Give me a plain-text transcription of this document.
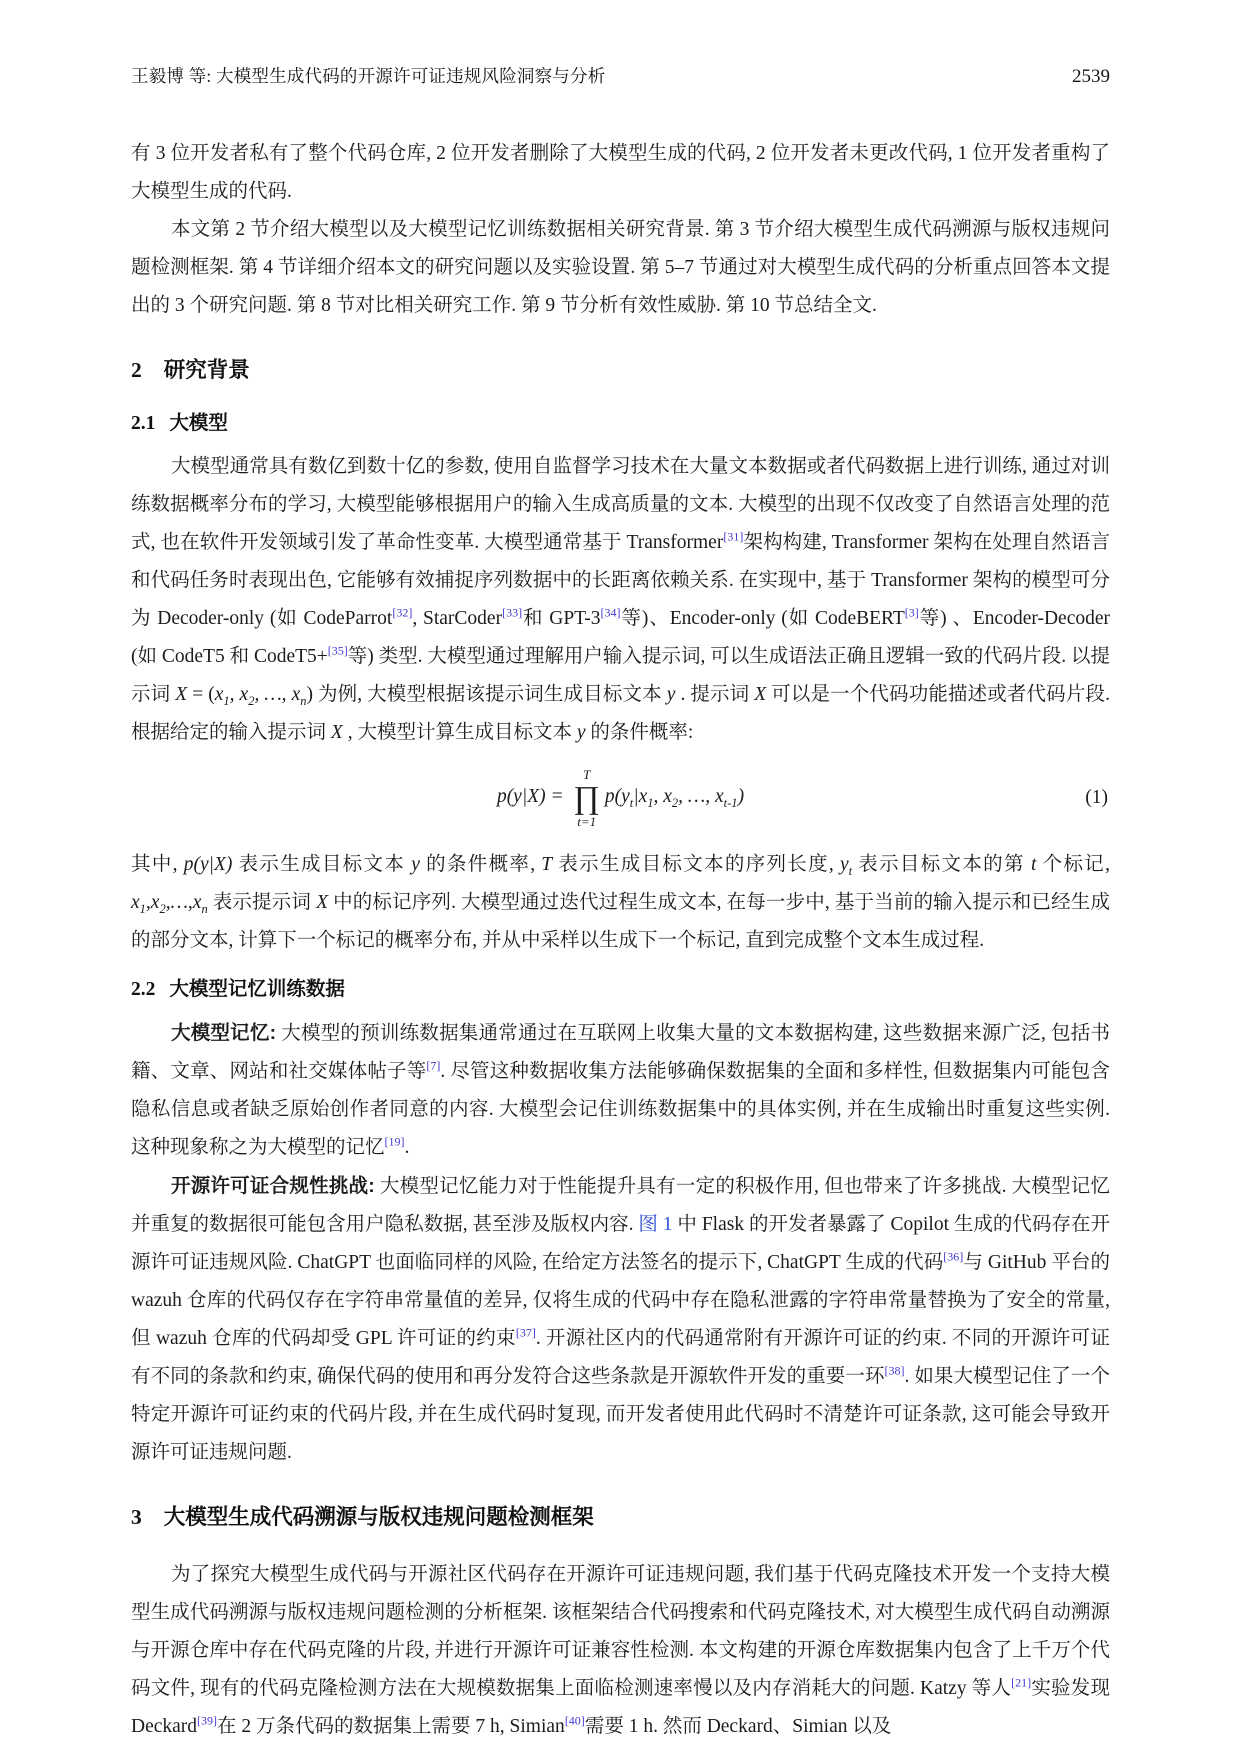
王毅博 等: 大模型生成代码的开源许可证违规风险洞察与分析	2539

有 3 位开发者私有了整个代码仓库, 2 位开发者删除了大模型生成的代码, 2 位开发者未更改代码, 1 位开发者重构了大模型生成的代码.

本文第 2 节介绍大模型以及大模型记忆训练数据相关研究背景. 第 3 节介绍大模型生成代码溯源与版权违规问题检测框架. 第 4 节详细介绍本文的研究问题以及实验设置. 第 5–7 节通过对大模型生成代码的分析重点回答本文提出的 3 个研究问题. 第 8 节对比相关研究工作. 第 9 节分析有效性威胁. 第 10 节总结全文.

2 研究背景
2.1 大模型

大模型通常具有数亿到数十亿的参数, 使用自监督学习技术在大量文本数据或者代码数据上进行训练, 通过对训练数据概率分布的学习, 大模型能够根据用户的输入生成高质量的文本. 大模型的出现不仅改变了自然语言处理的范式, 也在软件开发领域引发了革命性变革. 大模型通常基于 Transformer[31]架构构建, Transformer 架构在处理自然语言和代码任务时表现出色, 它能够有效捕捉序列数据中的长距离依赖关系. 在实现中, 基于 Transformer 架构的模型可分为 Decoder-only (如 CodeParrot[32], StarCoder[33]和 GPT-3[34]等)、Encoder-only (如 CodeBERT[3]等) 、Encoder-Decoder (如 CodeT5 和 CodeT5+[35]等) 类型. 大模型通过理解用户输入提示词, 可以生成语法正确且逻辑一致的代码片段. 以提示词 $X = (x_1$, $x_2$, …, $x_n$) 为例, 大模型根据该提示词生成目标文本 y . 提示词 X 可以是一个代码功能描述或者代码片段. 根据给定的输入提示词 X , 大模型计算生成目标文本 y 的条件概率:

p(y|X) =
T
∏
t=1
$p(y_t|x_1$, $x_2$, …, $x_{t-1}$)	(1)

其中, p(y|X) 表示生成目标文本 y 的条件概率, T 表示生成目标文本的序列长度, $y_t$ 表示目标文本的第 t 个标记, $x_1,x_2,\dots,x_n$ 表示提示词 X 中的标记序列. 大模型通过迭代过程生成文本, 在每一步中, 基于当前的输入提示和已经生成的部分文本, 计算下一个标记的概率分布, 并从中采样以生成下一个标记, 直到完成整个文本生成过程.

2.2 大模型记忆训练数据

大模型记忆: 大模型的预训练数据集通常通过在互联网上收集大量的文本数据构建, 这些数据来源广泛, 包括书籍、文章、网站和社交媒体帖子等[7]. 尽管这种数据收集方法能够确保数据集的全面和多样性, 但数据集内可能包含隐私信息或者缺乏原始创作者同意的内容. 大模型会记住训练数据集中的具体实例, 并在生成输出时重复这些实例. 这种现象称之为大模型的记忆[19].

开源许可证合规性挑战: 大模型记忆能力对于性能提升具有一定的积极作用, 但也带来了许多挑战. 大模型记忆并重复的数据很可能包含用户隐私数据, 甚至涉及版权内容. 图 1 中 Flask 的开发者暴露了 Copilot 生成的代码存在开源许可证违规风险. ChatGPT 也面临同样的风险, 在给定方法签名的提示下, ChatGPT 生成的代码[36]与 GitHub 平台的 wazuh 仓库的代码仅存在字符串常量值的差异, 仅将生成的代码中存在隐私泄露的字符串常量替换为了安全的常量, 但 wazuh 仓库的代码却受 GPL 许可证的约束[37]. 开源社区内的代码通常附有开源许可证的约束. 不同的开源许可证有不同的条款和约束, 确保代码的使用和再分发符合这些条款是开源软件开发的重要一环[38]. 如果大模型记住了一个特定开源许可证约束的代码片段, 并在生成代码时复现, 而开发者使用此代码时不清楚许可证条款, 这可能会导致开源许可证违规问题.

3 大模型生成代码溯源与版权违规问题检测框架

为了探究大模型生成代码与开源社区代码存在开源许可证违规问题, 我们基于代码克隆技术开发一个支持大模型生成代码溯源与版权违规问题检测的分析框架. 该框架结合代码搜索和代码克隆技术, 对大模型生成代码自动溯源与开源仓库中存在代码克隆的片段, 并进行开源许可证兼容性检测. 本文构建的开源仓库数据集内包含了上千万个代码文件, 现有的代码克隆检测方法在大规模数据集上面临检测速率慢以及内存消耗大的问题. Katzy 等人[21]实验发现 Deckard[39]在 2 万条代码的数据集上需要 7 h, Simian[40]需要 1 h. 然而 Deckard、Simian 以及
